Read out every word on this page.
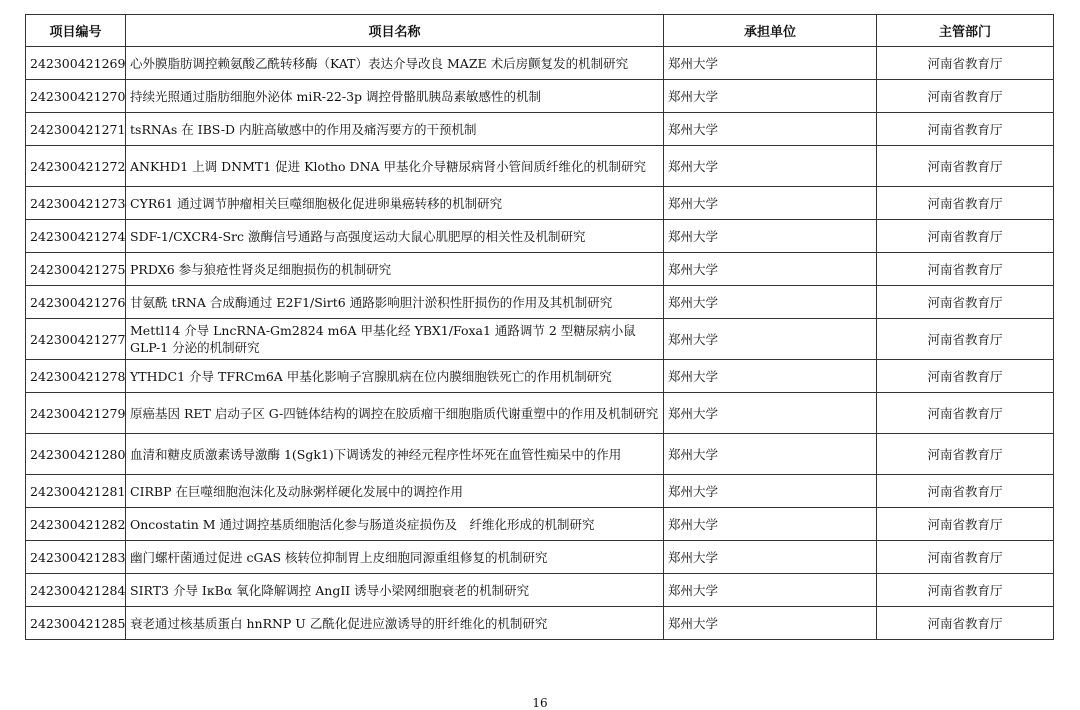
项目编号	项目名称	承担单位	主管部门
242300421269	心外膜脂肪调控赖氨酸乙酰转移酶（KAT）表达介导改良 MAZE 术后房颤复发的机制研究	郑州大学	河南省教育厅
242300421270	持续光照通过脂肪细胞外泌体 miR-22-3p 调控骨骼肌胰岛素敏感性的机制	郑州大学	河南省教育厅
242300421271	tsRNAs 在 IBS-D 内脏高敏感中的作用及痛泻要方的干预机制	郑州大学	河南省教育厅
242300421272	ANKHD1 上调 DNMT1 促进 Klotho DNA 甲基化介导糖尿病肾小管间质纤维化的机制研究	郑州大学	河南省教育厅
242300421273	CYR61 通过调节肿瘤相关巨噬细胞极化促进卵巢癌转移的机制研究	郑州大学	河南省教育厅
242300421274	SDF-1/CXCR4-Src 激酶信号通路与高强度运动大鼠心肌肥厚的相关性及机制研究	郑州大学	河南省教育厅
242300421275	PRDX6 参与狼疮性肾炎足细胞损伤的机制研究	郑州大学	河南省教育厅
242300421276	甘氨酰 tRNA 合成酶通过 E2F1/Sirt6 通路影响胆汁淤积性肝损伤的作用及其机制研究	郑州大学	河南省教育厅
242300421277	Mettl14 介导 LncRNA-Gm2824 m6A 甲基化经 YBX1/Foxa1 通路调节 2 型糖尿病小鼠 GLP-1 分泌的机制研究	郑州大学	河南省教育厅
242300421278	YTHDC1 介导 TFRCm6A 甲基化影响子宫腺肌病在位内膜细胞铁死亡的作用机制研究	郑州大学	河南省教育厅
242300421279	原癌基因 RET 启动子区 G-四链体结构的调控在胶质瘤干细胞脂质代谢重塑中的作用及机制研究	郑州大学	河南省教育厅
242300421280	血清和糖皮质激素诱导激酶 1(Sgk1)下调诱发的神经元程序性坏死在血管性痴呆中的作用	郑州大学	河南省教育厅
242300421281	CIRBP 在巨噬细胞泡沫化及动脉粥样硬化发展中的调控作用	郑州大学	河南省教育厅
242300421282	Oncostatin M 通过调控基质细胞活化参与肠道炎症损伤及　纤维化形成的机制研究	郑州大学	河南省教育厅
242300421283	幽门螺杆菌通过促进 cGAS 核转位抑制胃上皮细胞同源重组修复的机制研究	郑州大学	河南省教育厅
242300421284	SIRT3 介导 IκBα 氧化降解调控 AngII 诱导小梁网细胞衰老的机制研究	郑州大学	河南省教育厅
242300421285	衰老通过核基质蛋白 hnRNP U 乙酰化促进应激诱导的肝纤维化的机制研究	郑州大学	河南省教育厅
16
